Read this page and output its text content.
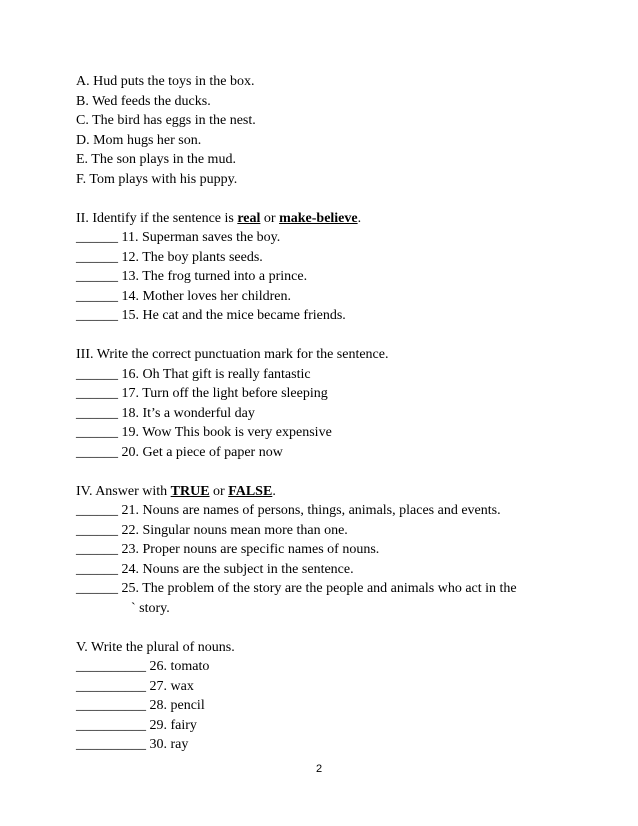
A. Hud puts the toys in the box.
B. Wed feeds the ducks.
C. The bird has eggs in the nest.
D. Mom hugs her son.
E. The son plays in the mud.
F. Tom plays with his puppy.
II. Identify if the sentence is real or make-believe.
______ 11. Superman saves the boy.
______ 12. The boy plants seeds.
______ 13. The frog turned into a prince.
______ 14. Mother loves her children.
______ 15. He cat and the mice became friends.
III. Write the correct punctuation mark for the sentence.
______ 16. Oh That gift is really fantastic
______ 17. Turn off the light before sleeping
______ 18. It’s a wonderful day
______ 19. Wow This book is very expensive
______ 20. Get a piece of paper now
IV. Answer with TRUE or FALSE.
______ 21. Nouns are names of persons, things, animals, places and events.
______ 22. Singular nouns mean more than one.
______ 23. Proper nouns are specific names of nouns.
______ 24. Nouns are the subject in the sentence.
______ 25. The problem of the story are the people and animals who act in the
` story.
V. Write the plural of nouns.
__________ 26. tomato
__________ 27. wax
__________ 28. pencil
__________ 29. fairy
__________ 30. ray
2
